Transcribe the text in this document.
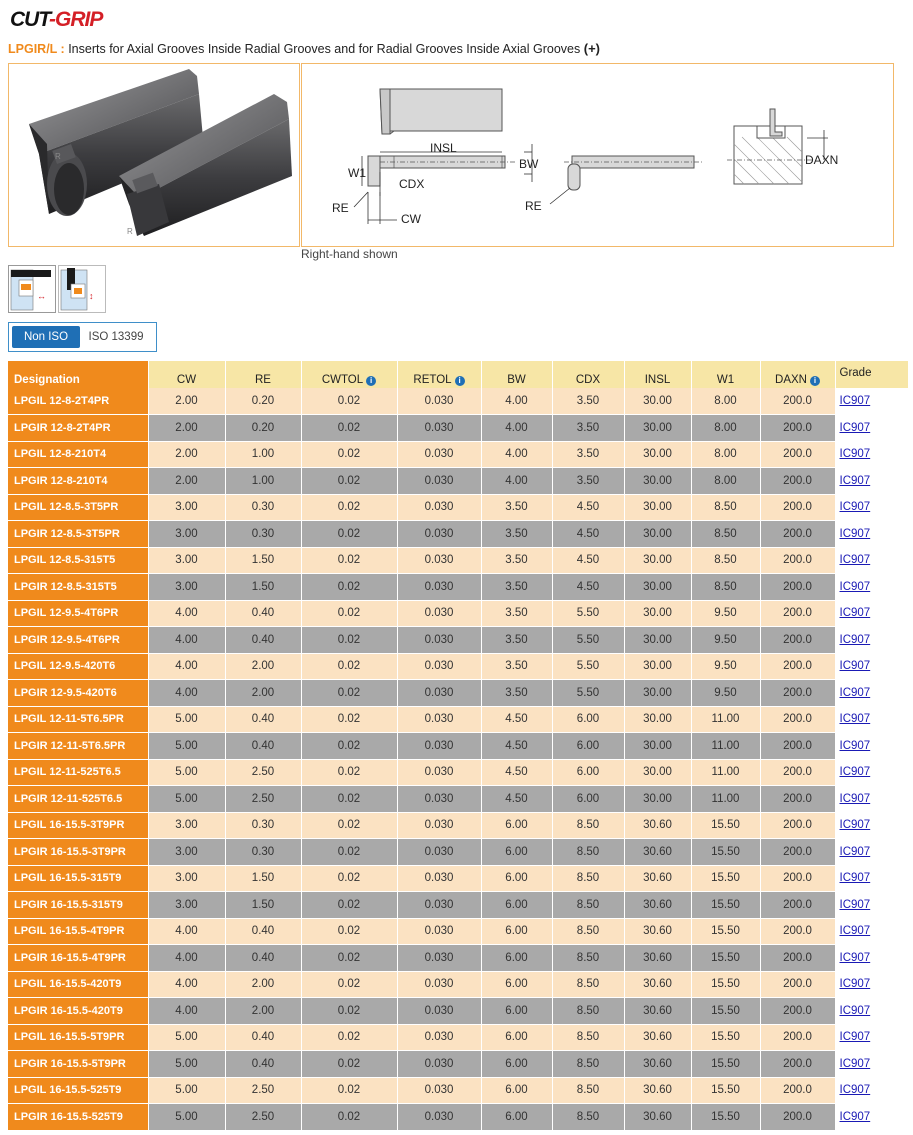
CUT-GRIP
LPGIR/L : Inserts for Axial Grooves Inside Radial Grooves and for Radial Grooves Inside Axial Grooves (+)
R
R
INSL
BW
W1
CDX
CW
RE	RE
DAXN
Right-hand shown
↔	↕
Non ISO	ISO 13399
Designation	CW	RE	CWTOL i	RETOL i	BW	CDX	INSL	W1	DAXN i	Grade
LPGIL 12-8-2T4PR	2.00	0.20	0.02	0.030	4.00	3.50	30.00	8.00	200.0	IC907
LPGIR 12-8-2T4PR	2.00	0.20	0.02	0.030	4.00	3.50	30.00	8.00	200.0	IC907
LPGIL 12-8-210T4	2.00	1.00	0.02	0.030	4.00	3.50	30.00	8.00	200.0	IC907
LPGIR 12-8-210T4	2.00	1.00	0.02	0.030	4.00	3.50	30.00	8.00	200.0	IC907
LPGIL 12-8.5-3T5PR	3.00	0.30	0.02	0.030	3.50	4.50	30.00	8.50	200.0	IC907
LPGIR 12-8.5-3T5PR	3.00	0.30	0.02	0.030	3.50	4.50	30.00	8.50	200.0	IC907
LPGIL 12-8.5-315T5	3.00	1.50	0.02	0.030	3.50	4.50	30.00	8.50	200.0	IC907
LPGIR 12-8.5-315T5	3.00	1.50	0.02	0.030	3.50	4.50	30.00	8.50	200.0	IC907
LPGIL 12-9.5-4T6PR	4.00	0.40	0.02	0.030	3.50	5.50	30.00	9.50	200.0	IC907
LPGIR 12-9.5-4T6PR	4.00	0.40	0.02	0.030	3.50	5.50	30.00	9.50	200.0	IC907
LPGIL 12-9.5-420T6	4.00	2.00	0.02	0.030	3.50	5.50	30.00	9.50	200.0	IC907
LPGIR 12-9.5-420T6	4.00	2.00	0.02	0.030	3.50	5.50	30.00	9.50	200.0	IC907
LPGIL 12-11-5T6.5PR	5.00	0.40	0.02	0.030	4.50	6.00	30.00	11.00	200.0	IC907
LPGIR 12-11-5T6.5PR	5.00	0.40	0.02	0.030	4.50	6.00	30.00	11.00	200.0	IC907
LPGIL 12-11-525T6.5	5.00	2.50	0.02	0.030	4.50	6.00	30.00	11.00	200.0	IC907
LPGIR 12-11-525T6.5	5.00	2.50	0.02	0.030	4.50	6.00	30.00	11.00	200.0	IC907
LPGIL 16-15.5-3T9PR	3.00	0.30	0.02	0.030	6.00	8.50	30.60	15.50	200.0	IC907
LPGIR 16-15.5-3T9PR	3.00	0.30	0.02	0.030	6.00	8.50	30.60	15.50	200.0	IC907
LPGIL 16-15.5-315T9	3.00	1.50	0.02	0.030	6.00	8.50	30.60	15.50	200.0	IC907
LPGIR 16-15.5-315T9	3.00	1.50	0.02	0.030	6.00	8.50	30.60	15.50	200.0	IC907
LPGIL 16-15.5-4T9PR	4.00	0.40	0.02	0.030	6.00	8.50	30.60	15.50	200.0	IC907
LPGIR 16-15.5-4T9PR	4.00	0.40	0.02	0.030	6.00	8.50	30.60	15.50	200.0	IC907
LPGIL 16-15.5-420T9	4.00	2.00	0.02	0.030	6.00	8.50	30.60	15.50	200.0	IC907
LPGIR 16-15.5-420T9	4.00	2.00	0.02	0.030	6.00	8.50	30.60	15.50	200.0	IC907
LPGIL 16-15.5-5T9PR	5.00	0.40	0.02	0.030	6.00	8.50	30.60	15.50	200.0	IC907
LPGIR 16-15.5-5T9PR	5.00	0.40	0.02	0.030	6.00	8.50	30.60	15.50	200.0	IC907
LPGIL 16-15.5-525T9	5.00	2.50	0.02	0.030	6.00	8.50	30.60	15.50	200.0	IC907
LPGIR 16-15.5-525T9	5.00	2.50	0.02	0.030	6.00	8.50	30.60	15.50	200.0	IC907
